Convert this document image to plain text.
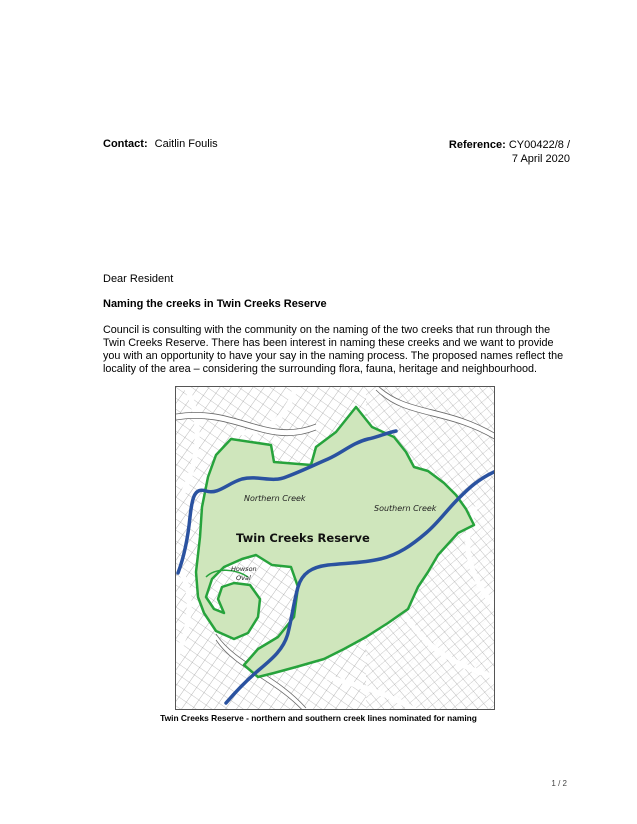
Contact: Caitlin Foulis	Reference: CY00422/8 /
7 April 2020
Dear Resident
Naming the creeks in Twin Creeks Reserve
Council is consulting with the community on the naming of the two creeks that run through the Twin Creeks Reserve. There has been interest in naming these creeks and we want to provide you with an opportunity to have your say in the naming process. The proposed names reflect the locality of the area – considering the surrounding flora, fauna, heritage and neighbourhood.
Northern Creek
Southern Creek
Twin Creeks Reserve
Howson
Oval
Twin Creeks Reserve - northern and southern creek lines nominated for naming
1 / 2
